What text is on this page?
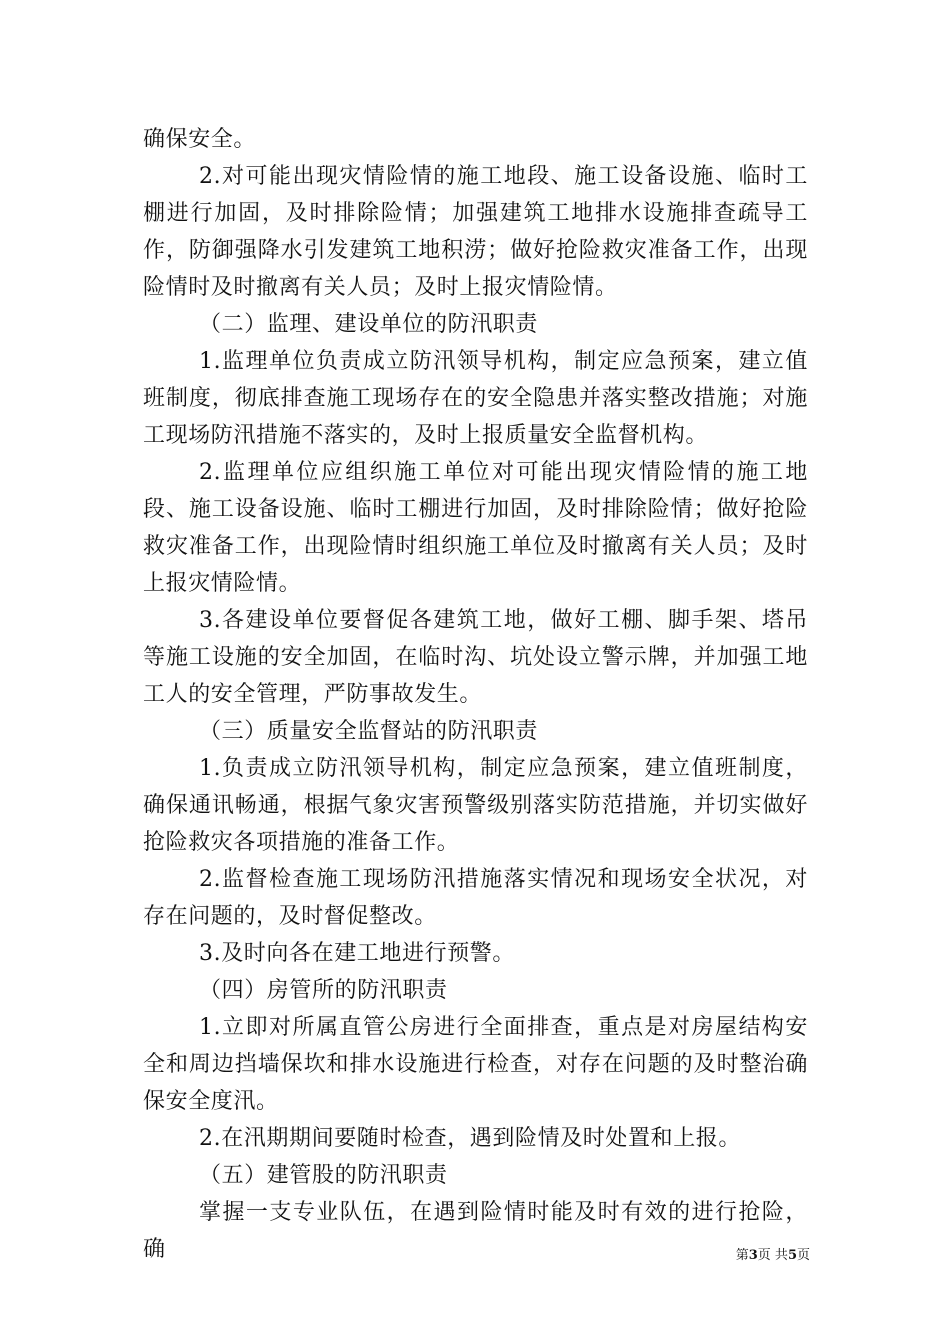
确保安全。

2.对可能出现灾情险情的施工地段、施工设备设施、临时工棚进行加固，及时排除险情；加强建筑工地排水设施排查疏导工作，防御强降水引发建筑工地积涝；做好抢险救灾准备工作，出现险情时及时撤离有关人员；及时上报灾情险情。

（二）监理、建设单位的防汛职责

1.监理单位负责成立防汛领导机构，制定应急预案，建立值班制度，彻底排查施工现场存在的安全隐患并落实整改措施；对施工现场防汛措施不落实的，及时上报质量安全监督机构。

2.监理单位应组织施工单位对可能出现灾情险情的施工地段、施工设备设施、临时工棚进行加固，及时排除险情；做好抢险救灾准备工作，出现险情时组织施工单位及时撤离有关人员；及时上报灾情险情。

3.各建设单位要督促各建筑工地，做好工棚、脚手架、塔吊等施工设施的安全加固，在临时沟、坑处设立警示牌，并加强工地工人的安全管理，严防事故发生。

（三）质量安全监督站的防汛职责

1.负责成立防汛领导机构，制定应急预案，建立值班制度，确保通讯畅通，根据气象灾害预警级别落实防范措施，并切实做好抢险救灾各项措施的准备工作。

2.监督检查施工现场防汛措施落实情况和现场安全状况，对存在问题的，及时督促整改。

3.及时向各在建工地进行预警。

（四）房管所的防汛职责

1.立即对所属直管公房进行全面排查，重点是对房屋结构安全和周边挡墙保坎和排水设施进行检查，对存在问题的及时整治确保安全度汛。

2.在汛期期间要随时检查，遇到险情及时处置和上报。

（五）建管股的防汛职责

掌握一支专业队伍，在遇到险情时能及时有效的进行抢险，确	第3页 共5页
